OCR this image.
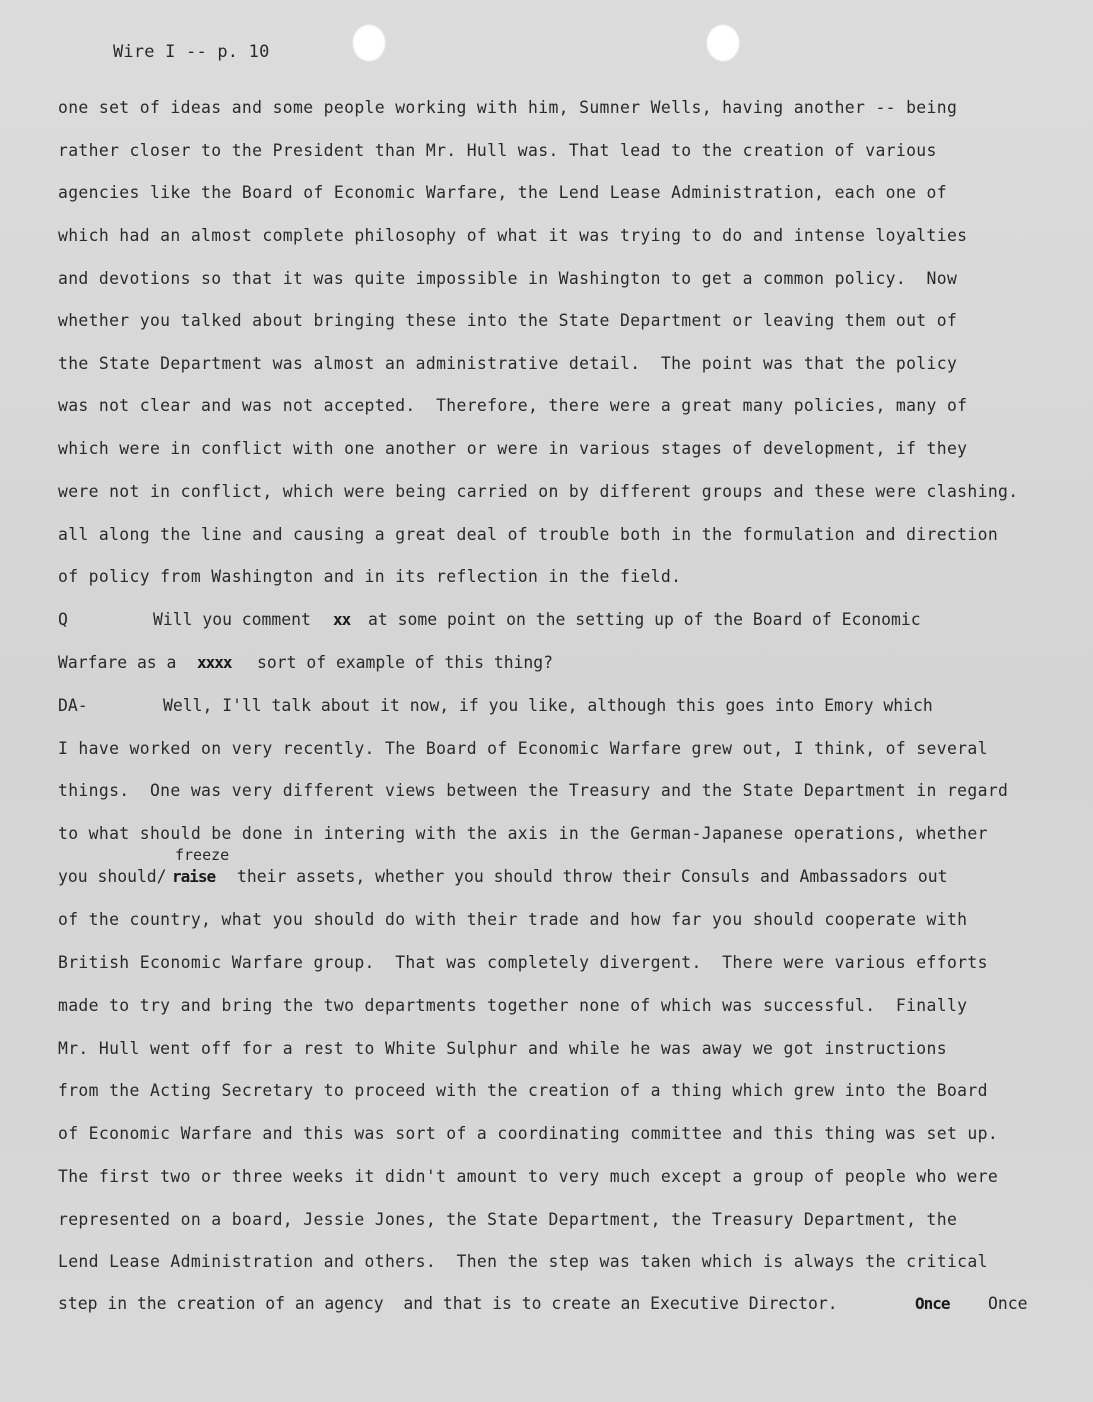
Wire I -- p. 10
one set of ideas and some people working with him, Sumner Wells, having another -- being
rather closer to the President than Mr. Hull was. That lead to the creation of various
agencies like the Board of Economic Warfare, the Lend Lease Administration, each one of
which had an almost complete philosophy of what it was trying to do and intense loyalties
and devotions so that it was quite impossible in Washington to get a common policy.  Now
whether you talked about bringing these into the State Department or leaving them out of
the State Department was almost an administrative detail.  The point was that the policy
was not clear and was not accepted.  Therefore, there were a great many policies, many of
which were in conflict with one another or were in various stages of development, if they
were not in conflict, which were being carried on by different groups and these were clashing.
all along the line and causing a great deal of trouble both in the formulation and direction
of policy from Washington and in its reflection in the field.
Q	Will you comment xx at some point on the setting up of the Board of Economic
Warfare as a xxxx sort of example of this thing?
DA-	Well, I'll talk about it now, if you like, although this goes into Emory which
I have worked on very recently. The Board of Economic Warfare grew out, I think, of several
things.  One was very different views between the Treasury and the State Department in regard
to what should be done in intering with the axis in the German-Japanese operations, whether
freeze
you should/ raise their assets, whether you should throw their Consuls and Ambassadors out
of the country, what you should do with their trade and how far you should cooperate with
British Economic Warfare group.  That was completely divergent.  There were various efforts
made to try and bring the two departments together none of which was successful.  Finally
Mr. Hull went off for a rest to White Sulphur and while he was away we got instructions
from the Acting Secretary to proceed with the creation of a thing which grew into the Board
of Economic Warfare and this was sort of a coordinating committee and this thing was set up.
The first two or three weeks it didn't amount to very much except a group of people who were
represented on a board, Jessie Jones, the State Department, the Treasury Department, the
Lend Lease Administration and others.  Then the step was taken which is always the critical
step in the creation of an agency  and that is to create an Executive Director.	Once Once
